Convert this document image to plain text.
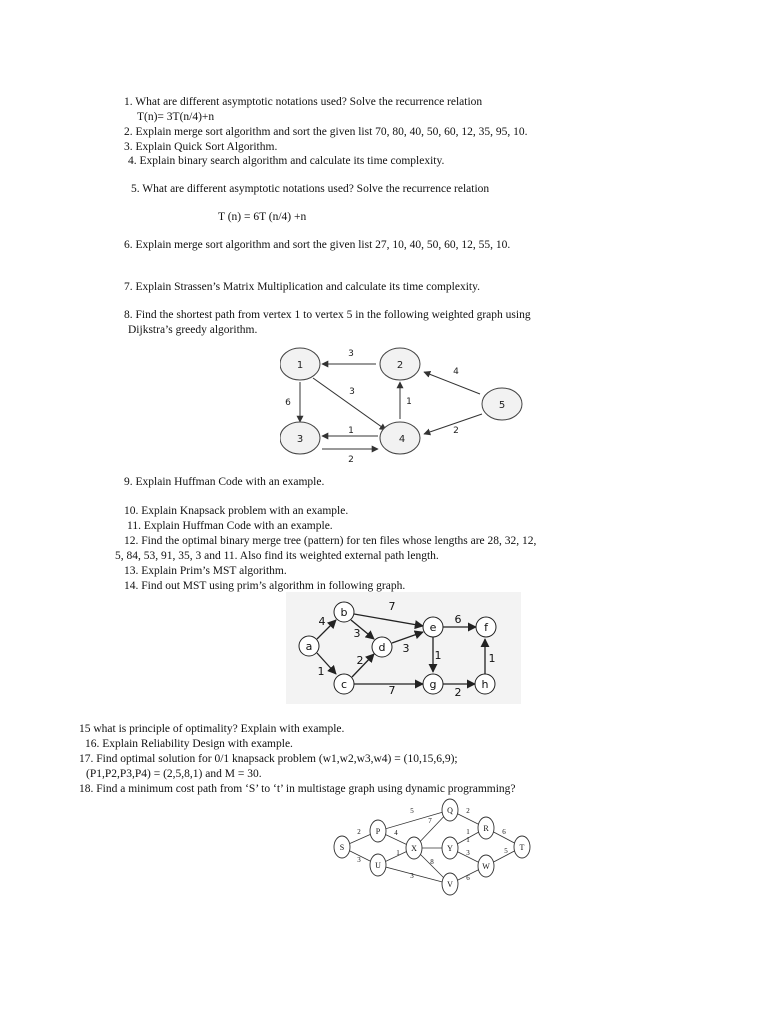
1. What are different asymptotic notations used? Solve the recurrence relation
T(n)= 3T(n/4)+n
2. Explain merge sort algorithm and sort the given list 70, 80, 40, 50, 60, 12, 35, 95, 10.
3. Explain Quick Sort Algorithm.
4. Explain binary search algorithm and calculate its time complexity.
5. What are different asymptotic notations used? Solve the recurrence relation
T (n) = 6T (n/4) +n
6. Explain merge sort algorithm and sort the given list 27, 10, 40, 50, 60, 12, 55, 10.
7. Explain Strassen’s Matrix Multiplication and calculate its time complexity.
8. Find the shortest path from vertex 1 to vertex 5 in the following weighted graph using
Dijkstra’s greedy algorithm.
1	2
3	4
5
3
3
6	1
4
1	2
2
9. Explain Huffman Code with an example.
10. Explain Knapsack problem with an example.
11. Explain Huffman Code with an example.
12. Find the optimal binary merge tree (pattern) for ten files whose lengths are 28, 32, 12,
5, 84, 53, 91, 35, 3 and 11. Also find its weighted external path length.
13. Explain Prim’s MST algorithm.
14. Find out MST using prim’s algorithm in following graph.
a
b
c
d
e	f
g	h
4
1
7
3
2
3
6
1	1
7	2
15 what is principle of optimality? Explain with example.
16. Explain Reliability Design with example.
17. Find optimal solution for 0/1 knapsack problem (w1,w2,w3,w4) = (10,15,6,9);
(P1,P2,P3,P4) = (2,5,8,1) and M = 30.
18. Find a minimum cost path from ‘S’ to ‘t’ in multistage graph using dynamic programming?
S
P
U
X
Q
Y
V
R
W
T
2
3
5
4
1
7
8
3
1
2
3
1
6
5
6
